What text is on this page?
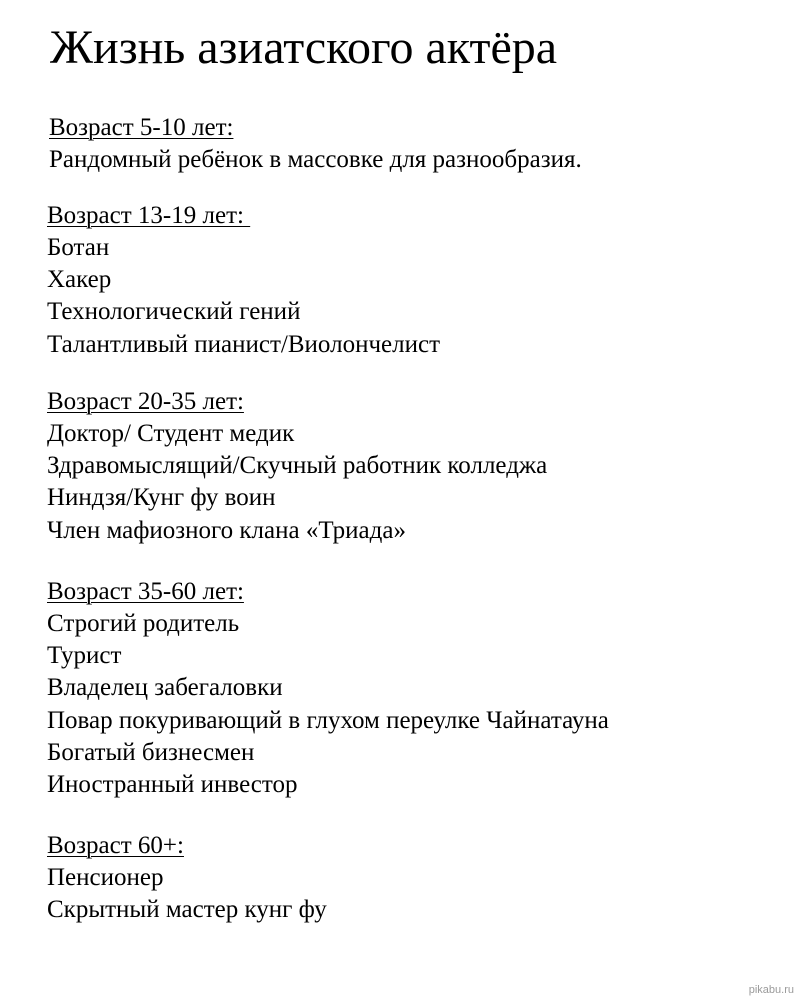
Жизнь азиатского актёра

Возраст 5-10 лет:

Рандомный ребёнок в массовке для разнообразия.

Возраст 13-19 лет:

Ботан
Хакер
Технологический гений
Талантливый пианист/Виолончелист

Возраст 20-35 лет:

Доктор/ Студент медик
Здравомыслящий/Скучный работник колледжа
Ниндзя/Кунг фу воин
Член мафиозного клана «Триада»

Возраст 35-60 лет:

Строгий родитель
Турист
Владелец забегаловки
Повар покуривающий в глухом переулке Чайнатауна
Богатый бизнесмен
Иностранный инвестор

Возраст 60+:

Пенсионер
Скрытный мастер кунг фу
pikabu.ru
